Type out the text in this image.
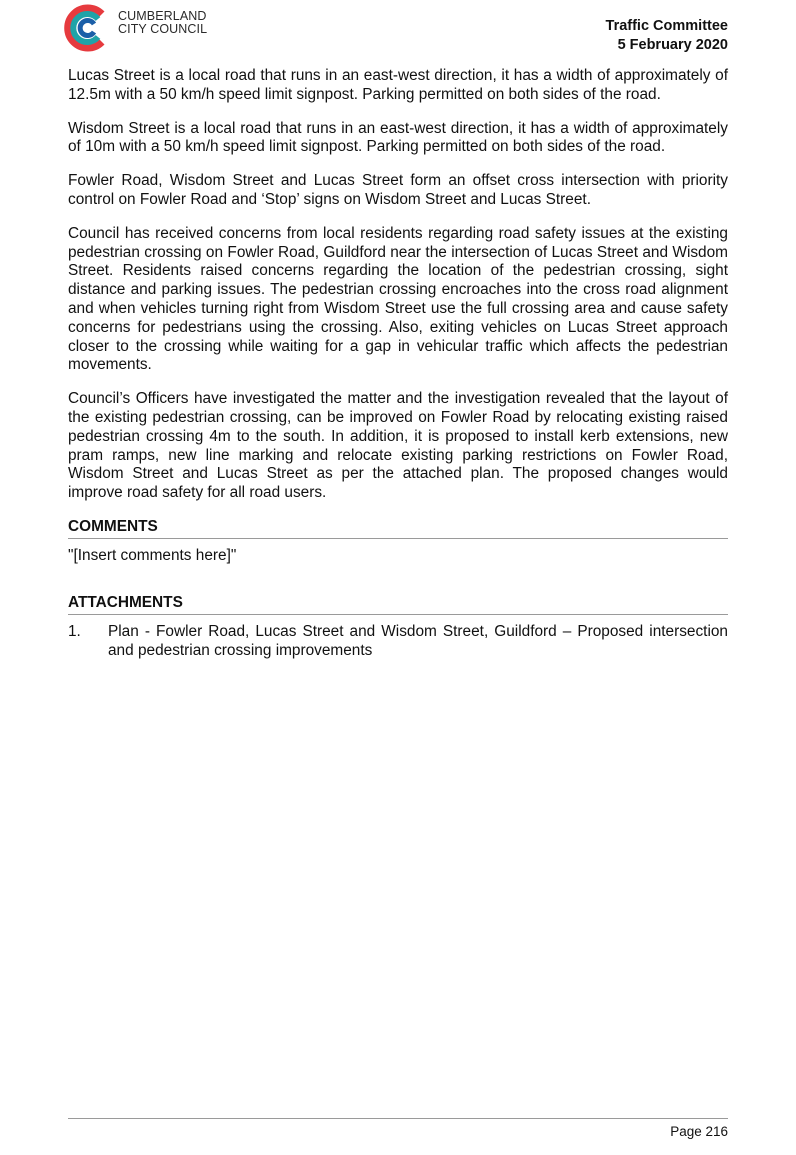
CUMBERLAND
CITY COUNCIL	Traffic Committee
5 February 2020

Lucas Street is a local road that runs in an east-west direction, it has a width of approximately of 12.5m with a 50 km/h speed limit signpost. Parking permitted on both sides of the road.

Wisdom Street is a local road that runs in an east-west direction, it has a width of approximately of 10m with a 50 km/h speed limit signpost. Parking permitted on both sides of the road.

Fowler Road, Wisdom Street and Lucas Street form an offset cross intersection with priority control on Fowler Road and ‘Stop’ signs on Wisdom Street and Lucas Street.

Council has received concerns from local residents regarding road safety issues at the existing pedestrian crossing on Fowler Road, Guildford near the intersection of Lucas Street and Wisdom Street. Residents raised concerns regarding the location of the pedestrian crossing, sight distance and parking issues. The pedestrian crossing encroaches into the cross road alignment and when vehicles turning right from Wisdom Street use the full crossing area and cause safety concerns for pedestrians using the crossing. Also, exiting vehicles on Lucas Street approach closer to the crossing while waiting for a gap in vehicular traffic which affects the pedestrian movements.

Council’s Officers have investigated the matter and the investigation revealed that the layout of the existing pedestrian crossing, can be improved on Fowler Road by relocating existing raised pedestrian crossing 4m to the south. In addition, it is proposed to install kerb extensions, new pram ramps, new line marking and relocate existing parking restrictions on Fowler Road, Wisdom Street and Lucas Street as per the attached plan. The proposed changes would improve road safety for all road users.

COMMENTS

"[Insert comments here]"

ATTACHMENTS
1.	Plan - Fowler Road, Lucas Street and Wisdom Street, Guildford – Proposed intersection and pedestrian crossing improvements
Page 216
